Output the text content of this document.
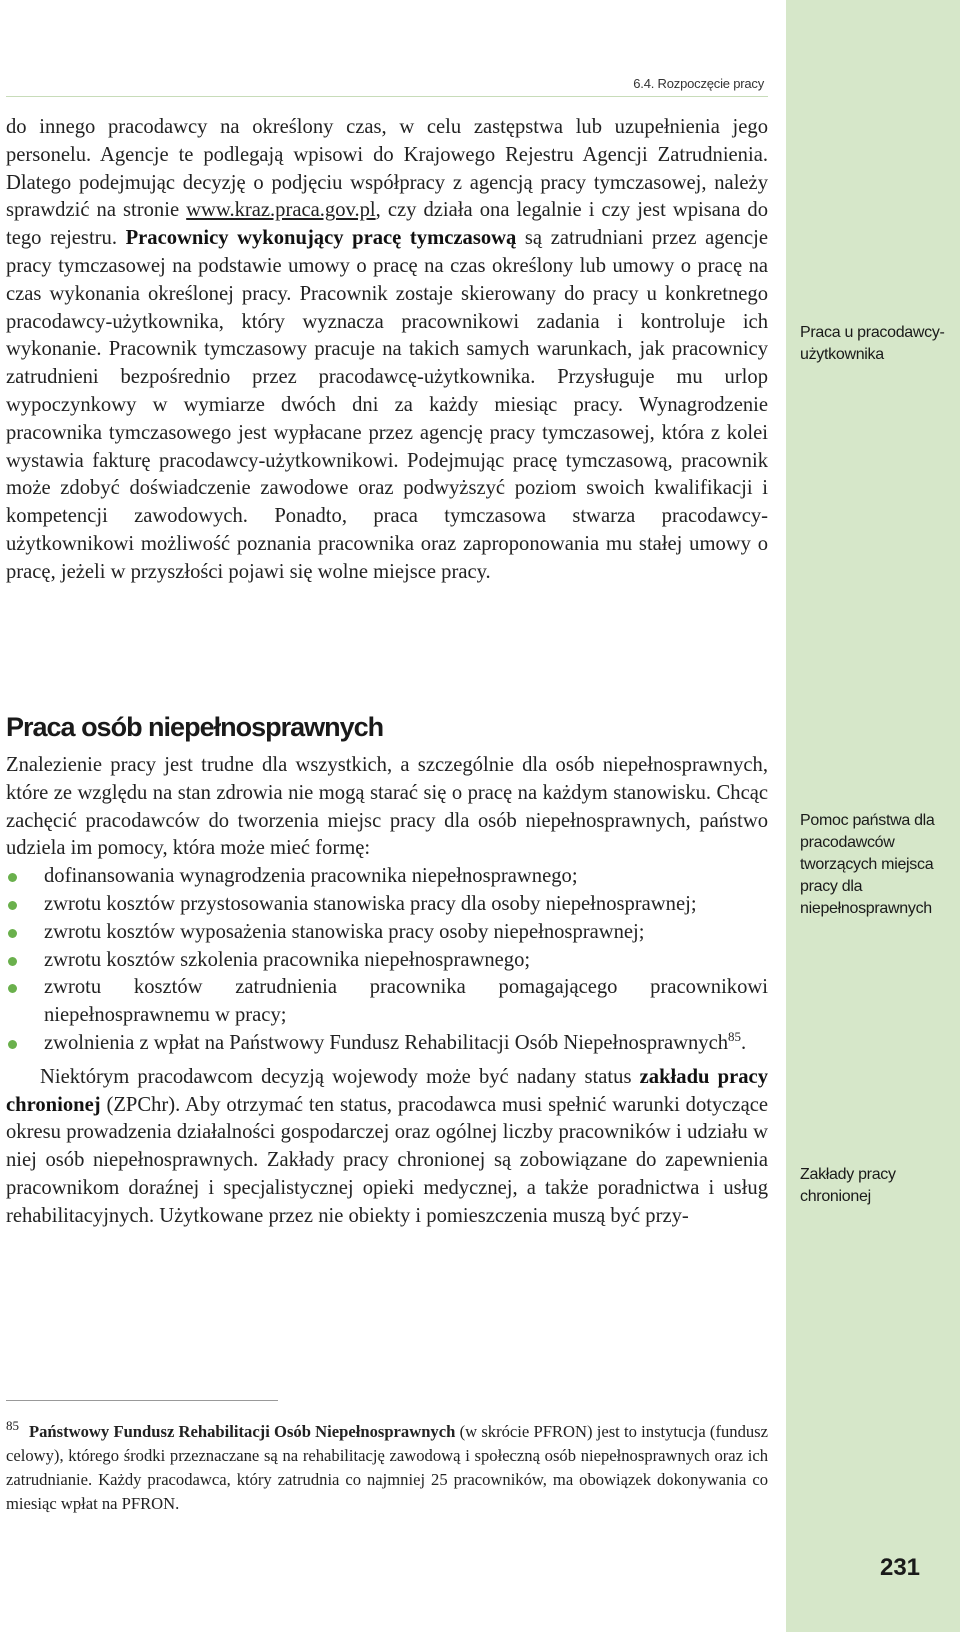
6.4. Rozpoczęcie pracy

do innego pracodawcy na określony czas, w celu zastępstwa lub uzupełnienia jego personelu. Agencje te podlegają wpisowi do Krajowego Rejestru Agencji Zatrudnienia. Dlatego podejmując decyzję o podjęciu współpracy z agencją pracy tymczasowej, należy sprawdzić na stronie www.kraz.praca.gov.pl, czy działa ona legalnie i czy jest wpisana do tego rejestru. Pracownicy wykonujący pracę tymczasową są zatrudniani przez agencje pracy tymczasowej na podstawie umowy o pracę na czas określony lub umowy o pracę na czas wykonania określonej pracy. Pracownik zostaje skierowany do pracy u konkretnego pracodawcy-użytkownika, który wyznacza pracownikowi zadania i kontroluje ich wykonanie. Pracownik tymczasowy pracuje na takich samych warunkach, jak pracownicy zatrudnieni bezpośrednio przez pracodawcę-użytkownika. Przysługuje mu urlop wypoczynkowy w wymiarze dwóch dni za każdy miesiąc pracy. Wynagrodzenie pracownika tymczasowego jest wypłacane przez agencję pracy tymczasowej, która z kolei wystawia fakturę pracodawcy-użytkownikowi. Podejmując pracę tymczasową, pracownik może zdobyć doświadczenie zawodowe oraz podwyższyć poziom swoich kwalifikacji i kompetencji zawodowych. Ponadto, praca tymczasowa stwarza pracodawcy-użytkownikowi możliwość poznania pracownika oraz zaproponowania mu stałej umowy o pracę, jeżeli w przyszłości pojawi się wolne miejsce pracy.

Praca osób niepełnosprawnych

Znalezienie pracy jest trudne dla wszystkich, a szczególnie dla osób niepełnosprawnych, które ze względu na stan zdrowia nie mogą starać się o pracę na każdym stanowisku. Chcąc zachęcić pracodawców do tworzenia miejsc pracy dla osób niepełnosprawnych, państwo udziela im pomocy, która może mieć formę:

dofinansowania wynagrodzenia pracownika niepełnosprawnego;
zwrotu kosztów przystosowania stanowiska pracy dla osoby niepełnosprawnej;
zwrotu kosztów wyposażenia stanowiska pracy osoby niepełnosprawnej;
zwrotu kosztów szkolenia pracownika niepełnosprawnego;
zwrotu kosztów zatrudnienia pracownika pomagającego pracownikowi niepełnosprawnemu w pracy;
zwolnienia z wpłat na Państwowy Fundusz Rehabilitacji Osób Niepełnosprawnych$^{85}$.

Niektórym pracodawcom decyzją wojewody może być nadany status zakładu pracy chronionej (ZPChr). Aby otrzymać ten status, pracodawca musi spełnić warunki dotyczące okresu prowadzenia działalności gospodarczej oraz ogólnej liczby pracowników i udziału w niej osób niepełnosprawnych. Zakłady pracy chronionej są zobowiązane do zapewnienia pracownikom doraźnej i specjalistycznej opieki medycznej, a także poradnictwa i usług rehabilitacyjnych. Użytkowane przez nie obiekty i pomieszczenia muszą być przy-

Praca u pracodawcy-użytkownika
Pomoc państwa dla pracodawców tworzących miejsca pracy dla niepełnosprawnych
Zakłady pracy chronionej

$^{85}$ Państwowy Fundusz Rehabilitacji Osób Niepełnosprawnych (w skrócie PFRON) jest to instytucja (fundusz celowy), którego środki przeznaczane są na rehabilitację zawodową i społeczną osób niepełnosprawnych oraz ich zatrudnianie. Każdy pracodawca, który zatrudnia co najmniej 25 pracowników, ma obowiązek dokonywania co miesiąc wpłat na PFRON.

231
